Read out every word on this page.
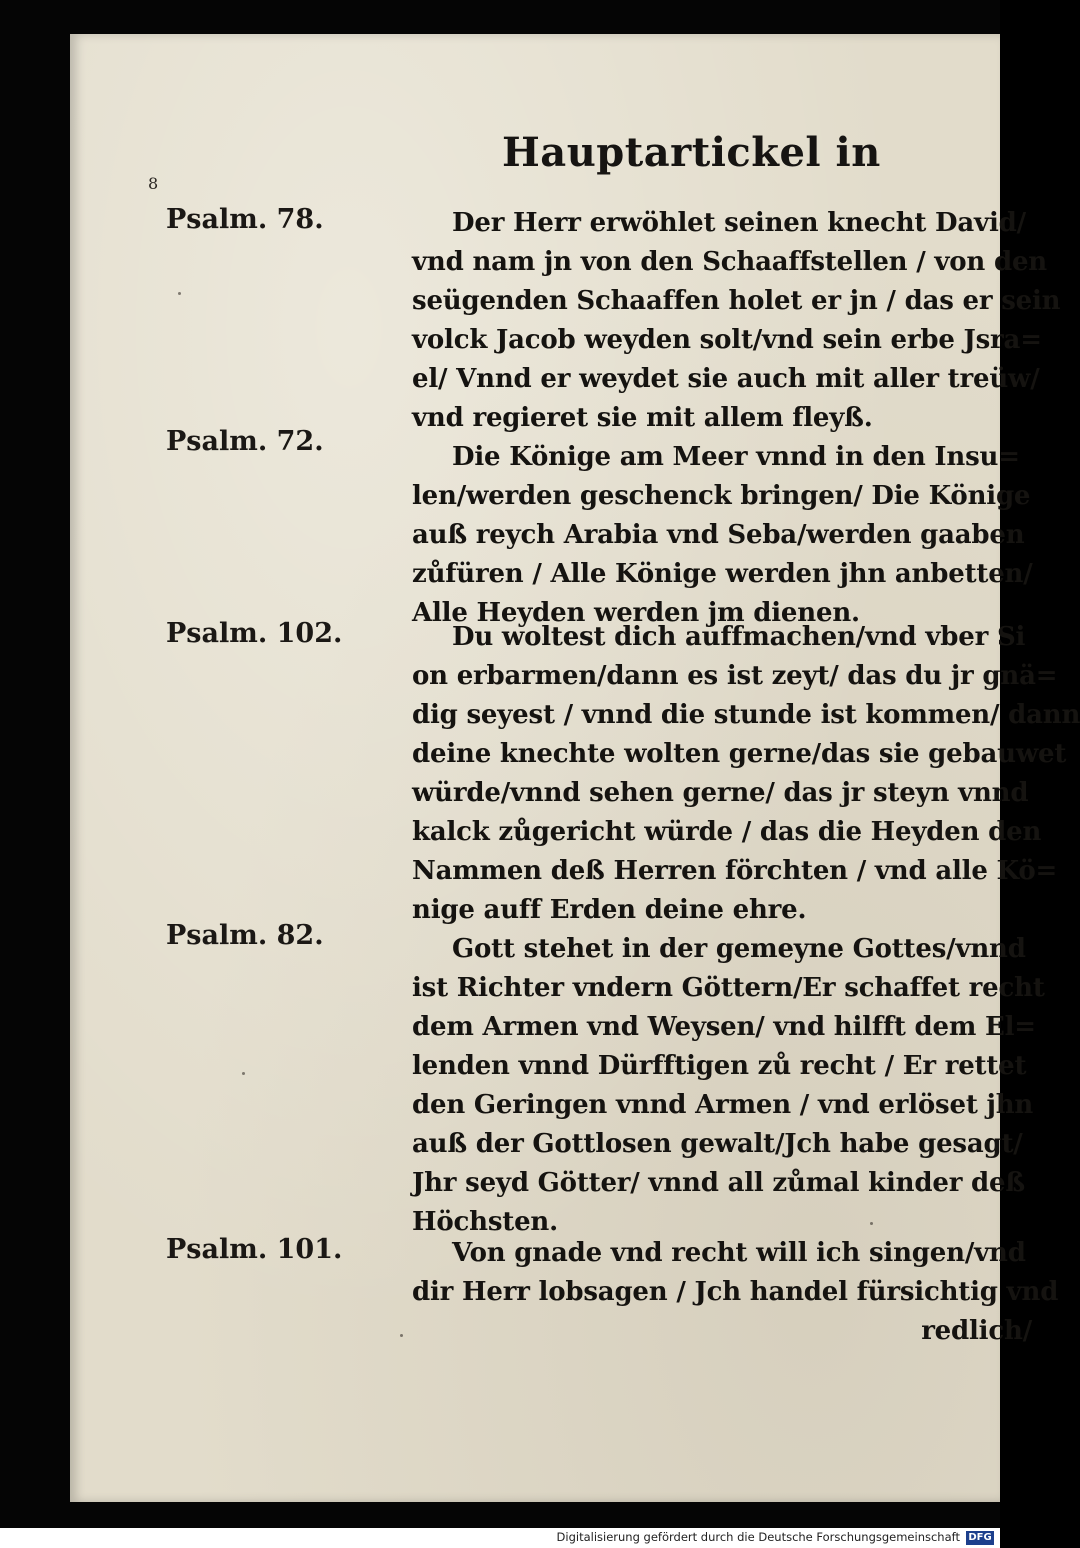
Hauptartickel in
8
Psalm. 78.	Der Herr erwöhlet seinen knecht David/
vnd nam jn von den Schaaffstellen / von den
seügenden Schaaffen holet er jn / das er sein
volck Jacob weyden solt/vnd sein erbe Jsra=
el/ Vnnd er weydet sie auch mit aller treüw/
vnd regieret sie mit allem fleyß.
Psalm. 72.	Die Könige am Meer vnnd in den Insu=
len/werden geschenck bringen/ Die Könige
auß reych Arabia vnd Seba/werden gaaben
zůfüren / Alle Könige werden jhn anbetten/
Alle Heyden werden jm dienen.
Psalm. 102.	Du woltest dich auffmachen/vnd vber Si
on erbarmen/dann es ist zeyt/ das du jr gnä=
dig seyest / vnnd die stunde ist kommen/ dann
deine knechte wolten gerne/das sie gebauwet
würde/vnnd sehen gerne/ das jr steyn vnnd
kalck zůgericht würde / das die Heyden den
Nammen deß Herren förchten / vnd alle Kö=
nige auff Erden deine ehre.
Psalm. 82.	Gott stehet in der gemeyne Gottes/vnnd
ist Richter vndern Göttern/Er schaffet recht
dem Armen vnd Weysen/ vnd hilfft dem El=
lenden vnnd Dürfftigen zů recht / Er rettet
den Geringen vnnd Armen / vnd erlöset jhn
auß der Gottlosen gewalt/Jch habe gesagt/
Jhr seyd Götter/ vnnd all zůmal kinder deß
Höchsten.
Psalm. 101.	Von gnade vnd recht will ich singen/vnd
dir Herr lobsagen / Jch handel fürsichtig vnd
redlich/
Digitalisierung gefördert durch die Deutsche Forschungsgemeinschaft DFG
